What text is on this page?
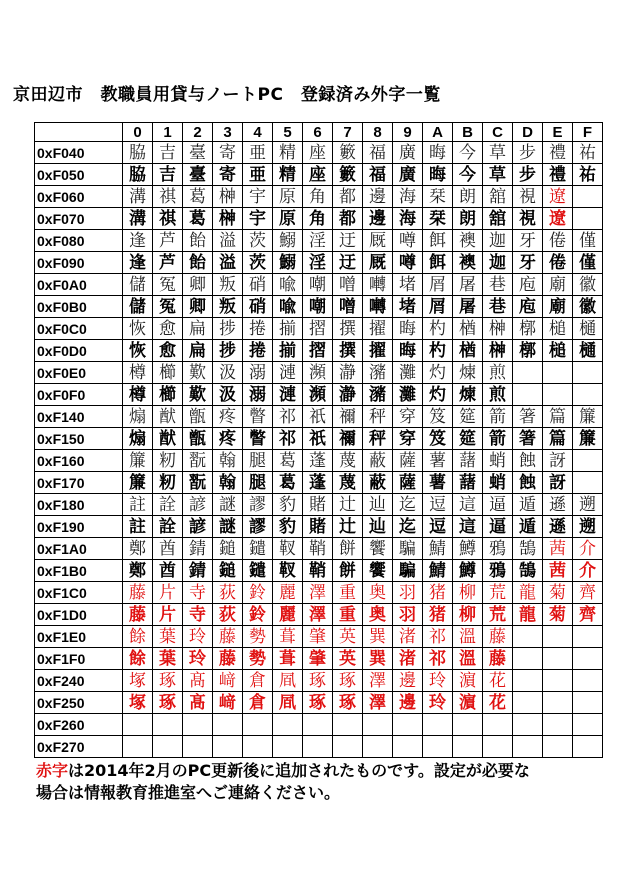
京田辺市　教職員用貸与ノートPC　登録済み外字一覧
	0	1	2	3	4	5	6	7	8	9	A	B	C	D	E	F
0xF040	脇	吉	臺	寄	亜	精	座	籔	福	廣	晦	今	草	步	禮	祐
0xF050	脇	吉	臺	寄	亜	精	座	籔	福	廣	晦	今	草	步	禮	祐
0xF060	溝	祺	葛	榊	宇	原	角	都	邊	海	栞	朗	舘	視	遼	
0xF070	溝	祺	葛	榊	宇	原	角	都	邊	海	栞	朗	舘	視	遼	
0xF080	逢	芦	飴	溢	茨	鰯	淫	迂	厩	噂	餌	襖	迦	牙	倦	僅
0xF090	逢	芦	飴	溢	茨	鰯	淫	迂	厩	噂	餌	襖	迦	牙	倦	僅
0xF0A0	儲	冤	卿	叛	硝	喩	嘲	噌	囀	堵	屑	屠	巷	庖	廟	徽
0xF0B0	儲	冤	卿	叛	硝	喩	嘲	噌	囀	堵	屑	屠	巷	庖	廟	徽
0xF0C0	恢	愈	扁	捗	捲	揃	摺	撰	擢	晦	杓	楢	榊	槨	槌	樋
0xF0D0	恢	愈	扁	捗	捲	揃	摺	撰	擢	晦	杓	楢	榊	槨	槌	樋
0xF0E0	樽	櫛	歎	汲	溺	漣	瀕	瀞	瀦	灘	灼	煉	煎			
0xF0F0	樽	櫛	歎	汲	溺	漣	瀕	瀞	瀦	灘	灼	煉	煎			
0xF140	煽	猷	甑	疼	瞥	祁	祇	禰	秤	穿	笈	筵	箭	箸	篇	簾
0xF150	煽	猷	甑	疼	瞥	祁	祇	禰	秤	穿	笈	筵	箭	箸	篇	簾
0xF160	簾	籾	翫	翰	腿	葛	蓬	蔑	蔽	薩	薯	藷	蛸	蝕	訝	
0xF170	簾	籾	翫	翰	腿	葛	蓬	蔑	蔽	薩	薯	藷	蛸	蝕	訝	
0xF180	註	詮	諺	謎	謬	豹	賭	辻	辿	迄	逗	這	逼	遁	遜	遡
0xF190	註	詮	諺	謎	謬	豹	賭	辻	辿	迄	逗	這	逼	遁	遜	遡
0xF1A0	鄭	酋	錆	鎚	鑓	靫	鞘	餅	饗	騙	鯖	鱒	鴉	鵠	茜	介
0xF1B0	鄭	酋	錆	鎚	鑓	靫	鞘	餅	饗	騙	鯖	鱒	鴉	鵠	茜	介
0xF1C0	藤	片	寺	荻	鈴	麗	澤	重	奥	羽	猪	柳	荒	龍	菊	齊
0xF1D0	藤	片	寺	荻	鈴	麗	澤	重	奥	羽	猪	柳	荒	龍	菊	齊
0xF1E0	餘	葉	玲	藤	勢	葺	肇	英	巽	渚	祁	溫	藤			
0xF1F0	餘	葉	玲	藤	勢	葺	肇	英	巽	渚	祁	溫	藤			
0xF240	塚	琢	髙	﨑	倉	凮	琢	琢	澤	邊	玲	濵	花			
0xF250	塚	琢	髙	﨑	倉	凮	琢	琢	澤	邊	玲	濵	花			
0xF260																
0xF270																
赤字は2014年2月のPC更新後に追加されたものです。設定が必要な
場合は情報教育推進室へご連絡ください。
